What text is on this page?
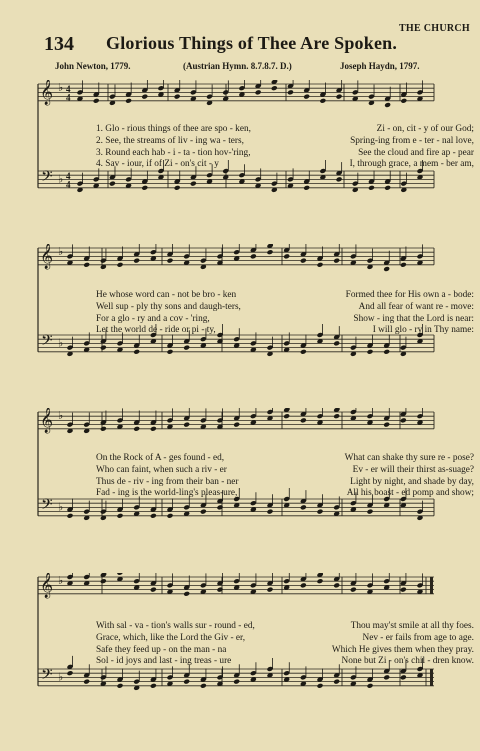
THE CHURCH
134 Glorious Things of Thee Are Spoken.
John Newton, 1779.	(Austrian Hymn. 8.7.8.7. D.)	Joseph Haydn, 1797.
𝄞
𝄢
♭
♭
4
4
4
4
1. Glo - rious things of thee are spo - ken,	Zi - on, cit - y of our God;
2. See, the streams of liv - ing wa - ters,	Spring-ing from e - ter - nal love,
3. Round each hab - i - ta - tion hov-'ring,	See the cloud and fire ap - pear
4. Sav - iour, if of Zi - on's cit - y	I, through grace, a mem - ber am,
𝄞
𝄢
♭
♭
He whose word can - not be bro - ken	Formed thee for His own a - bode:
Well sup - ply thy sons and daugh-ters,	And all fear of want re - move:
For a glo - ry and a cov - 'ring,	Show - ing that the Lord is near:
Let the world de - ride or pi - ty,	I will glo - ry in Thy name:
𝄞
𝄢
♭
♭
On the Rock of A - ges found - ed,	What can shake thy sure re - pose?
Who can faint, when such a riv - er	Ev - er will their thirst as-suage?
Thus de - riv - ing from their ban - ner	Light by night, and shade by day,
Fad - ing is the world-ling's pleas-ure,	All his boast - ed pomp and show;
𝄞
𝄢
♭
♭
With sal - va - tion's walls sur - round - ed,	Thou may'st smile at all thy foes.
Grace, which, like the Lord the Giv - er,	Nev - er fails from age to age.
Safe they feed up - on the man - na	Which He gives them when they pray.
Sol - id joys and last - ing treas - ure	None but Zi - on's chil - dren know.
